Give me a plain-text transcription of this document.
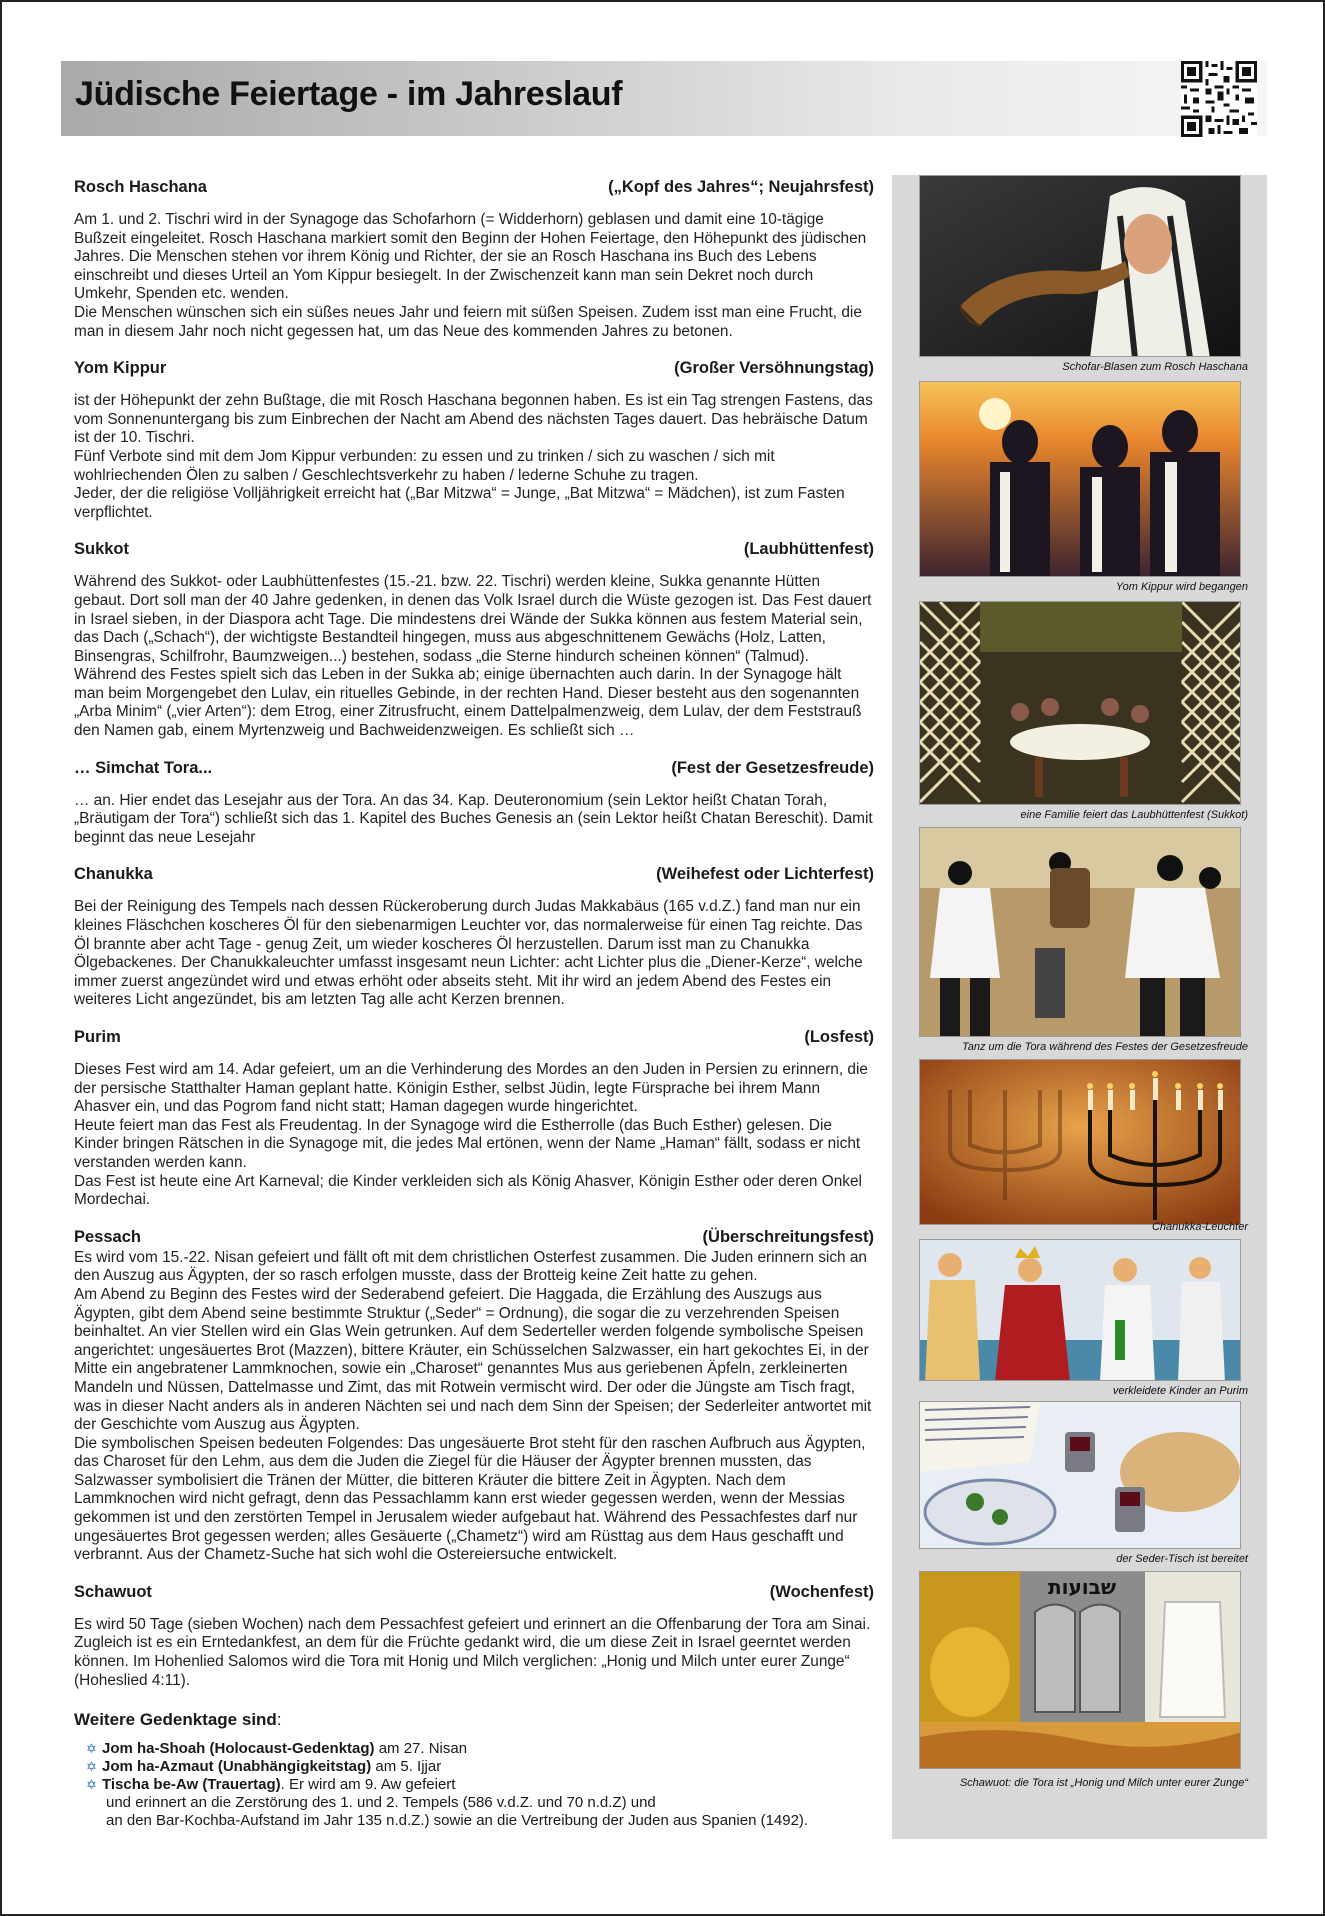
Jüdische Feiertage - im Jahreslauf
Rosch Haschana	(„Kopf des Jahres“; Neujahrsfest)

Am 1. und 2. Tischri wird in der Synagoge das Schofarhorn (= Widderhorn) geblasen und damit eine 10-tägige Bußzeit eingeleitet. Rosch Haschana markiert somit den Beginn der Hohen Feiertage, den Höhepunkt des jüdischen Jahres. Die Menschen stehen vor ihrem König und Richter, der sie an Rosch Haschana ins Buch des Lebens einschreibt und dieses Urteil an Yom Kippur besiegelt. In der Zwischenzeit kann man sein Dekret noch durch Umkehr, Spenden etc. wenden.

Die Menschen wünschen sich ein süßes neues Jahr und feiern mit süßen Speisen. Zudem isst man eine Frucht, die man in diesem Jahr noch nicht gegessen hat, um das Neue des kommenden Jahres zu betonen.

Yom Kippur	(Großer Versöhnungstag)

ist der Höhepunkt der zehn Bußtage, die mit Rosch Haschana begonnen haben. Es ist ein Tag strengen Fastens, das vom Sonnenuntergang bis zum Einbrechen der Nacht am Abend des nächsten Tages dauert. Das hebräische Datum ist der 10. Tischri.

Fünf Verbote sind mit dem Jom Kippur verbunden: zu essen und zu trinken / sich zu waschen / sich mit wohlriechenden Ölen zu salben / Geschlechtsverkehr zu haben / lederne Schuhe zu tragen.

Jeder, der die religiöse Volljährigkeit erreicht hat („Bar Mitzwa“ = Junge, „Bat Mitzwa“ = Mädchen), ist zum Fasten verpflichtet.

Sukkot	(Laubhüttenfest)

Während des Sukkot- oder Laubhüttenfestes (15.-21. bzw. 22. Tischri) werden kleine, Sukka genannte Hütten gebaut. Dort soll man der 40 Jahre gedenken, in denen das Volk Israel durch die Wüste gezogen ist. Das Fest dauert in Israel sieben, in der Diaspora acht Tage. Die mindestens drei Wände der Sukka können aus festem Material sein, das Dach („Schach“), der wichtigste Bestandteil hingegen, muss aus abgeschnittenem Gewächs (Holz, Latten, Binsengras, Schilfrohr, Baumzweigen...) bestehen, sodass „die Sterne hindurch scheinen können“ (Talmud). Während des Festes spielt sich das Leben in der Sukka ab; einige übernachten auch darin. In der Synagoge hält man beim Morgengebet den Lulav, ein rituelles Gebinde, in der rechten Hand. Dieser besteht aus den sogenannten „Arba Minim“ („vier Arten“): dem Etrog, einer Zitrusfrucht, einem Dattelpalmenzweig, dem Lulav, der dem Feststrauß den Namen gab, einem Myrtenzweig und Bachweidenzweigen. Es schließt sich …

… Simchat Tora...	(Fest der Gesetzesfreude)

… an. Hier endet das Lesejahr aus der Tora. An das 34. Kap. Deuteronomium (sein Lektor heißt Chatan Torah, „Bräutigam der Tora“) schließt sich das 1. Kapitel des Buches Genesis an (sein Lektor heißt Chatan Bereschit). Damit beginnt das neue Lesejahr

Chanukka	(Weihefest oder Lichterfest)

Bei der Reinigung des Tempels nach dessen Rückeroberung durch Judas Makkabäus (165 v.d.Z.) fand man nur ein kleines Fläschchen koscheres Öl für den siebenarmigen Leuchter vor, das normalerweise für einen Tag reichte. Das Öl brannte aber acht Tage - genug Zeit, um wieder koscheres Öl herzustellen. Darum isst man zu Chanukka Ölgebackenes. Der Chanukkaleuchter umfasst insgesamt neun Lichter: acht Lichter plus die „Diener-Kerze“, welche immer zuerst angezündet wird und etwas erhöht oder abseits steht. Mit ihr wird an jedem Abend des Festes ein weiteres Licht angezündet, bis am letzten Tag alle acht Kerzen brennen.

Purim	(Losfest)

Dieses Fest wird am 14. Adar gefeiert, um an die Verhinderung des Mordes an den Juden in Persien zu erinnern, die der persische Statthalter Haman geplant hatte. Königin Esther, selbst Jüdin, legte Fürsprache bei ihrem Mann Ahasver ein, und das Pogrom fand nicht statt; Haman dagegen wurde hingerichtet.

Heute feiert man das Fest als Freudentag. In der Synagoge wird die Estherrolle (das Buch Esther) gelesen. Die Kinder bringen Rätschen in die Synagoge mit, die jedes Mal ertönen, wenn der Name „Haman“ fällt, sodass er nicht verstanden werden kann.

Das Fest ist heute eine Art Karneval; die Kinder verkleiden sich als König Ahasver, Königin Esther oder deren Onkel Mordechai.

Pessach	(Überschreitungsfest)

Es wird vom 15.-22. Nisan gefeiert und fällt oft mit dem christlichen Osterfest zusammen. Die Juden erinnern sich an den Auszug aus Ägypten, der so rasch erfolgen musste, dass der Brotteig keine Zeit hatte zu gehen.

Am Abend zu Beginn des Festes wird der Sederabend gefeiert. Die Haggada, die Erzählung des Auszugs aus Ägypten, gibt dem Abend seine bestimmte Struktur („Seder“ = Ordnung), die sogar die zu verzehrenden Speisen beinhaltet. An vier Stellen wird ein Glas Wein getrunken. Auf dem Sederteller werden folgende symbolische Speisen angerichtet: ungesäuertes Brot (Mazzen), bittere Kräuter, ein Schüsselchen Salzwasser, ein hart gekochtes Ei, in der Mitte ein angebratener Lammknochen, sowie ein „Charoset“ genanntes Mus aus geriebenen Äpfeln, zerkleinerten Mandeln und Nüssen, Dattelmasse und Zimt, das mit Rotwein vermischt wird. Der oder die Jüngste am Tisch fragt, was in dieser Nacht anders als in anderen Nächten sei und nach dem Sinn der Speisen; der Sederleiter antwortet mit der Geschichte vom Auszug aus Ägypten.

Die symbolischen Speisen bedeuten Folgendes: Das ungesäuerte Brot steht für den raschen Aufbruch aus Ägypten, das Charoset für den Lehm, aus dem die Juden die Ziegel für die Häuser der Ägypter brennen mussten, das Salzwasser symbolisiert die Tränen der Mütter, die bitteren Kräuter die bittere Zeit in Ägypten. Nach dem Lammknochen wird nicht gefragt, denn das Pessachlamm kann erst wieder gegessen werden, wenn der Messias gekommen ist und den zerstörten Tempel in Jerusalem wieder aufgebaut hat. Während des Pessachfestes darf nur ungesäuertes Brot gegessen werden; alles Gesäuerte („Chametz“) wird am Rüsttag aus dem Haus geschafft und verbrannt. Aus der Chametz-Suche hat sich wohl die Ostereiersuche entwickelt.

Schawuot	(Wochenfest)

Es wird 50 Tage (sieben Wochen) nach dem Pessachfest gefeiert und erinnert an die Offenbarung der Tora am Sinai. Zugleich ist es ein Erntedankfest, an dem für die Früchte gedankt wird, die um diese Zeit in Israel geerntet werden können. Im Hohenlied Salomos wird die Tora mit Honig und Milch verglichen: „Honig und Milch unter eurer Zunge“ (Hoheslied 4:11).

Weitere Gedenktage sind:
✡ Jom ha-Shoah (Holocaust-Gedenktag) am 27. Nisan
✡ Jom ha-Azmaut (Unabhängigkeitstag) am 5. Ijjar
✡ Tischa be-Aw (Trauertag). Er wird am 9. Aw gefeiert
und erinnert an die Zerstörung des 1. und 2. Tempels (586 v.d.Z. und 70 n.d.Z) und
an den Bar-Kochba-Aufstand im Jahr 135 n.d.Z.) sowie an die Vertreibung der Juden aus Spanien (1492).
Schofar-Blasen zum Rosch Haschana
Yom Kippur wird begangen
eine Familie feiert das Laubhüttenfest (Sukkot)
Tanz um die Tora während des Festes der Gesetzesfreude
Chanukka-Leuchter
verkleidete Kinder an Purim
der Seder-Tisch ist bereitet
שבועות
Schawuot: die Tora ist „Honig und Milch unter eurer Zunge“
